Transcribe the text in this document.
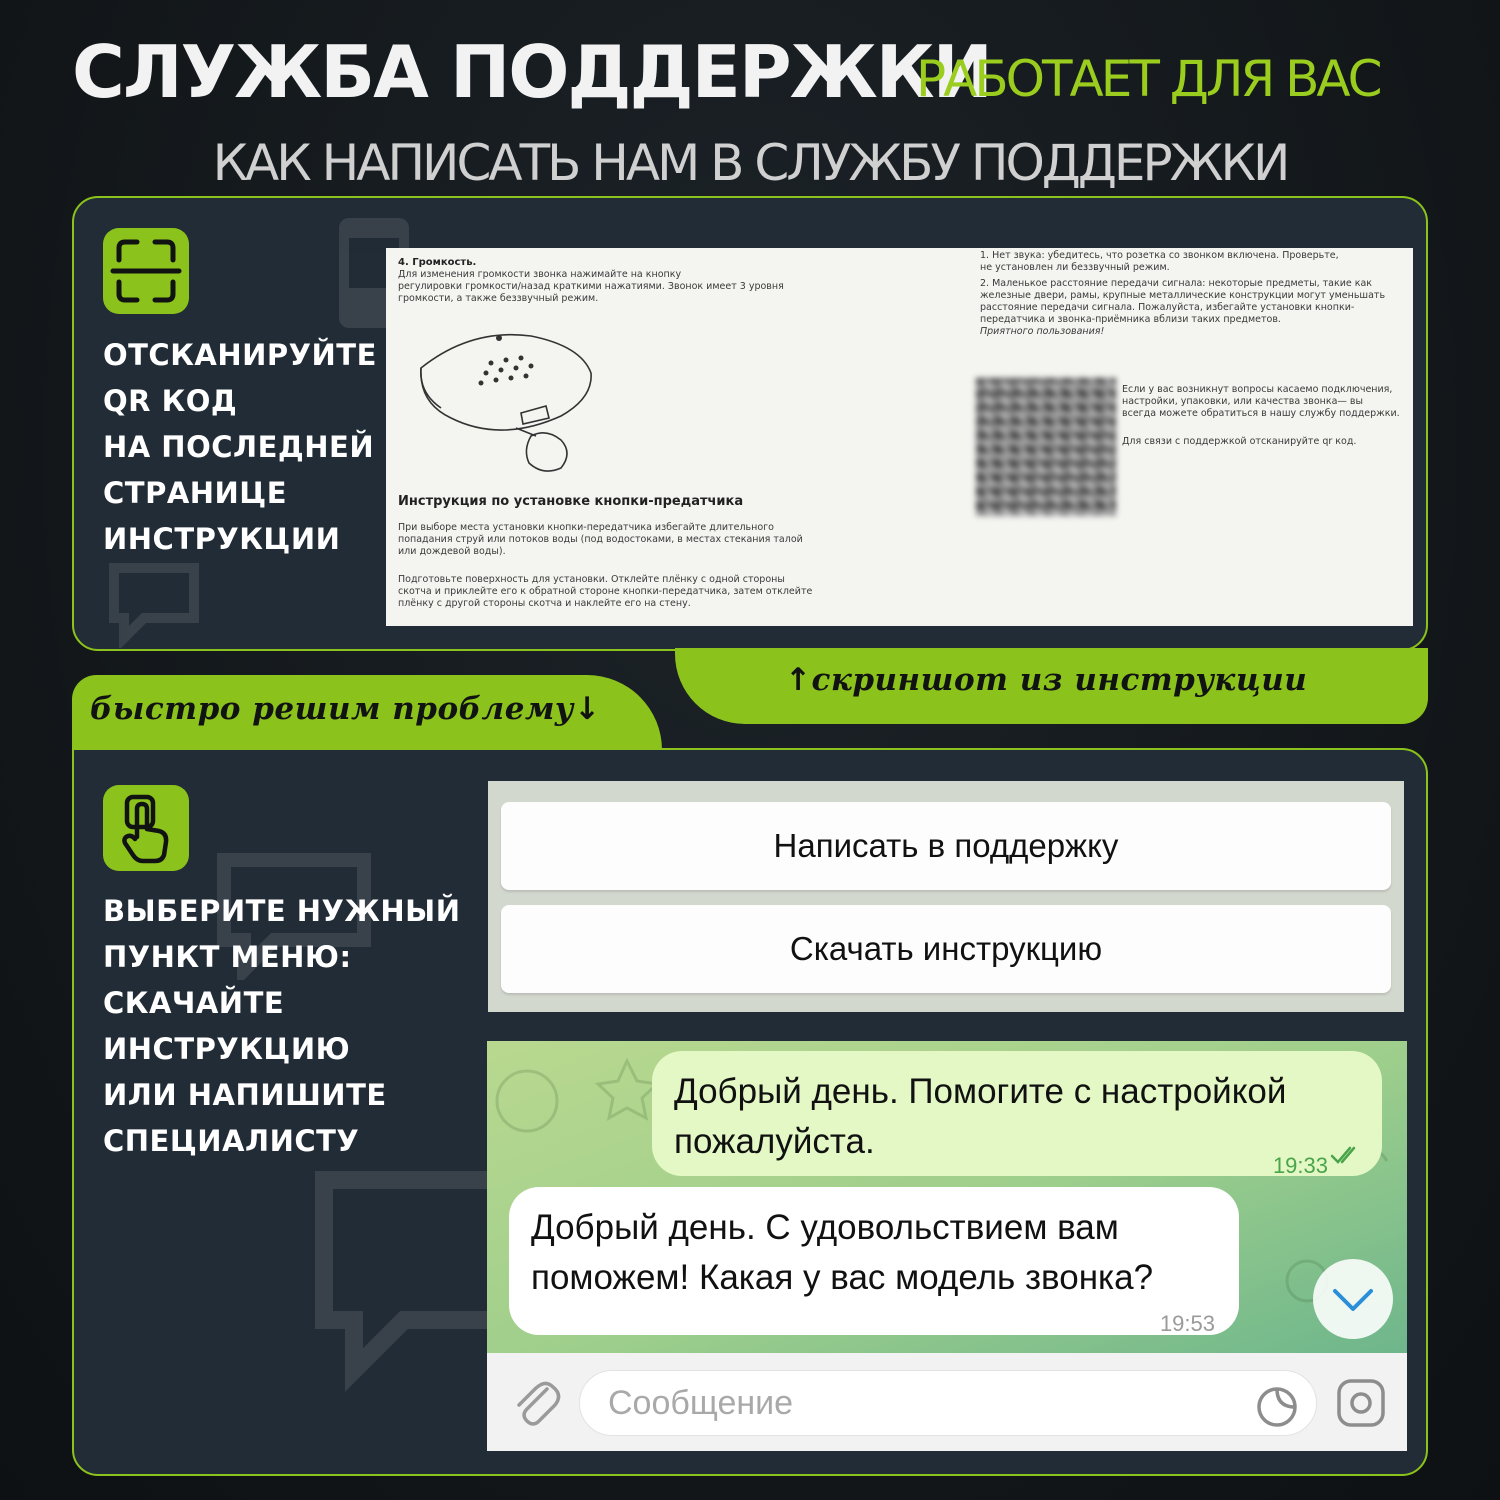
СЛУЖБА ПОДДЕРЖКИ
РАБОТАЕТ ДЛЯ ВАС
КАК НАПИСАТЬ НАМ В СЛУЖБУ ПОДДЕРЖКИ
ОТСКАНИРУЙТЕ
QR КОД
НА ПОСЛЕДНЕЙ
СТРАНИЦЕ
ИНСТРУКЦИИ
4. Громкость.
Для изменения громкости звонка нажимайте на кнопку
регулировки громкости/назад краткими нажатиями. Звонок имеет 3 уровня
громкости, а также беззвучный режим.
Инструкция по установке кнопки-предатчика
При выборе места установки кнопки-передатчика избегайте длительного
попадания струй или потоков воды (под водостоками, в местах стекания талой
или дождевой воды).
Подготовьте поверхность для установки. Отклейте плёнку с одной стороны
скотча и приклейте его к обратной стороне кнопки-передатчика, затем отклейте
плёнку с другой стороны скотча и наклейте его на стену.
1. Нет звука: убедитесь, что розетка со звонком включена. Проверьте,
не установлен ли беззвучный режим.
2. Маленькое расстояние передачи сигнала: некоторые предметы, такие как
железные двери, рамы, крупные металлические конструкции могут уменьшать
расстояние передачи сигнала. Пожалуйста, избегайте установки кнопки-
передатчика и звонка-приёмника вблизи таких предметов.
Приятного пользования!
Если у вас возникнут вопросы касаемо подключения,
настройки, упаковки, или качества звонка— вы
всегда можете обратиться в нашу службу поддержки.
Для связи с поддержкой отсканируйте qr код.
↑скриншот из инструкции
быстро решим проблему↓
ВЫБЕРИТЕ НУЖНЫЙ
ПУНКТ МЕНЮ:
СКАЧАЙТЕ
ИНСТРУКЦИЮ
ИЛИ НАПИШИТЕ
СПЕЦИАЛИСТУ
Написать в поддержку
Скачать инструкцию
Добрый день. Помогите с настройкой
пожалуйста.
19:33
Добрый день. С удовольствием вам
поможем! Какая у вас модель звонка?
19:53
Сообщение
